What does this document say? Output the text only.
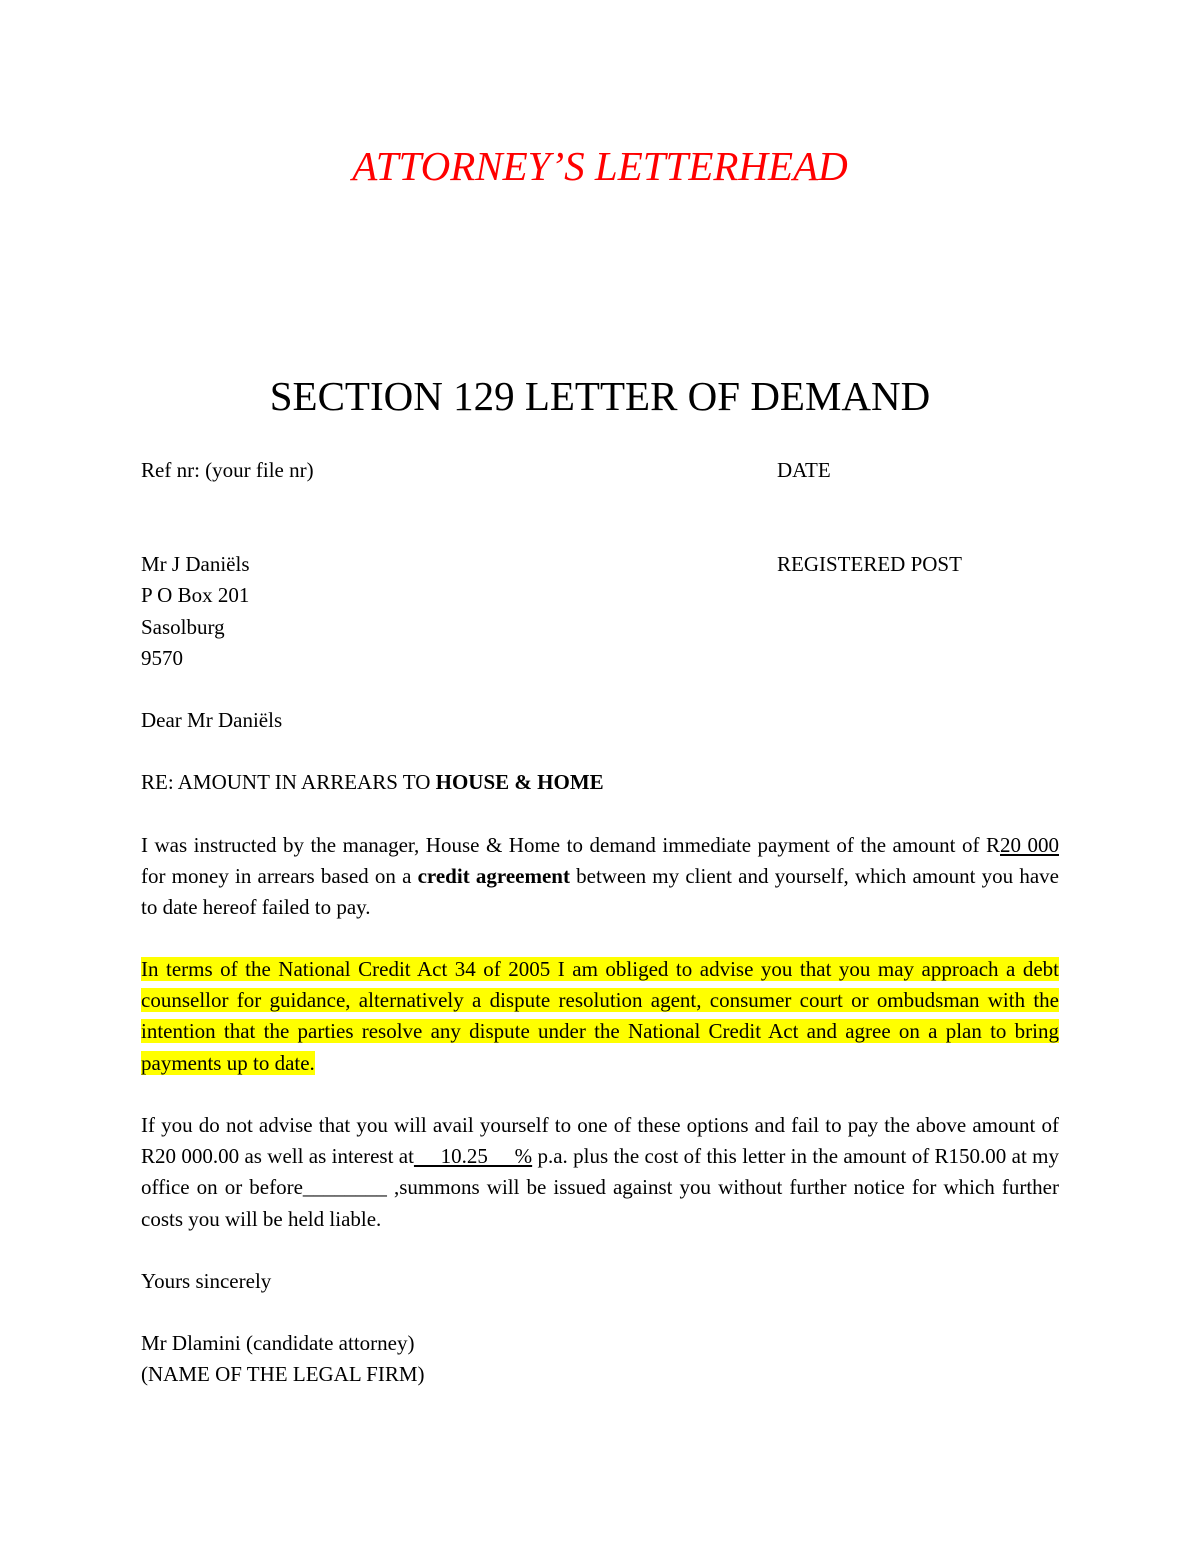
ATTORNEY’S LETTERHEAD
SECTION 129 LETTER OF DEMAND
Ref nr: (your file nr)	DATE
Mr J Daniëls	REGISTERED POST
P O Box 201
Sasolburg
9570
Dear Mr Daniëls
RE: AMOUNT IN ARREARS TO HOUSE & HOME
I was instructed by the manager, House & Home to demand immediate payment of the amount of R20 000 for money in arrears based on a credit agreement between my client and yourself, which amount you have to date hereof failed to pay.
In terms of the National Credit Act 34 of 2005 I am obliged to advise you that you may approach a debt counsellor for guidance, alternatively a dispute resolution agent, consumer court or ombudsman with the intention that the parties resolve any dispute under the National Credit Act and agree on a plan to bring payments up to date.
If you do not advise that you will avail yourself to one of these options and fail to pay the above amount of R20 000.00 as well as interest at     10.25     % p.a. plus the cost of this letter in the amount of R150.00 at my office on or before________ ,summons will be issued against you without further notice for which further costs you will be held liable.
Yours sincerely
Mr Dlamini (candidate attorney)
(NAME OF THE LEGAL FIRM)
